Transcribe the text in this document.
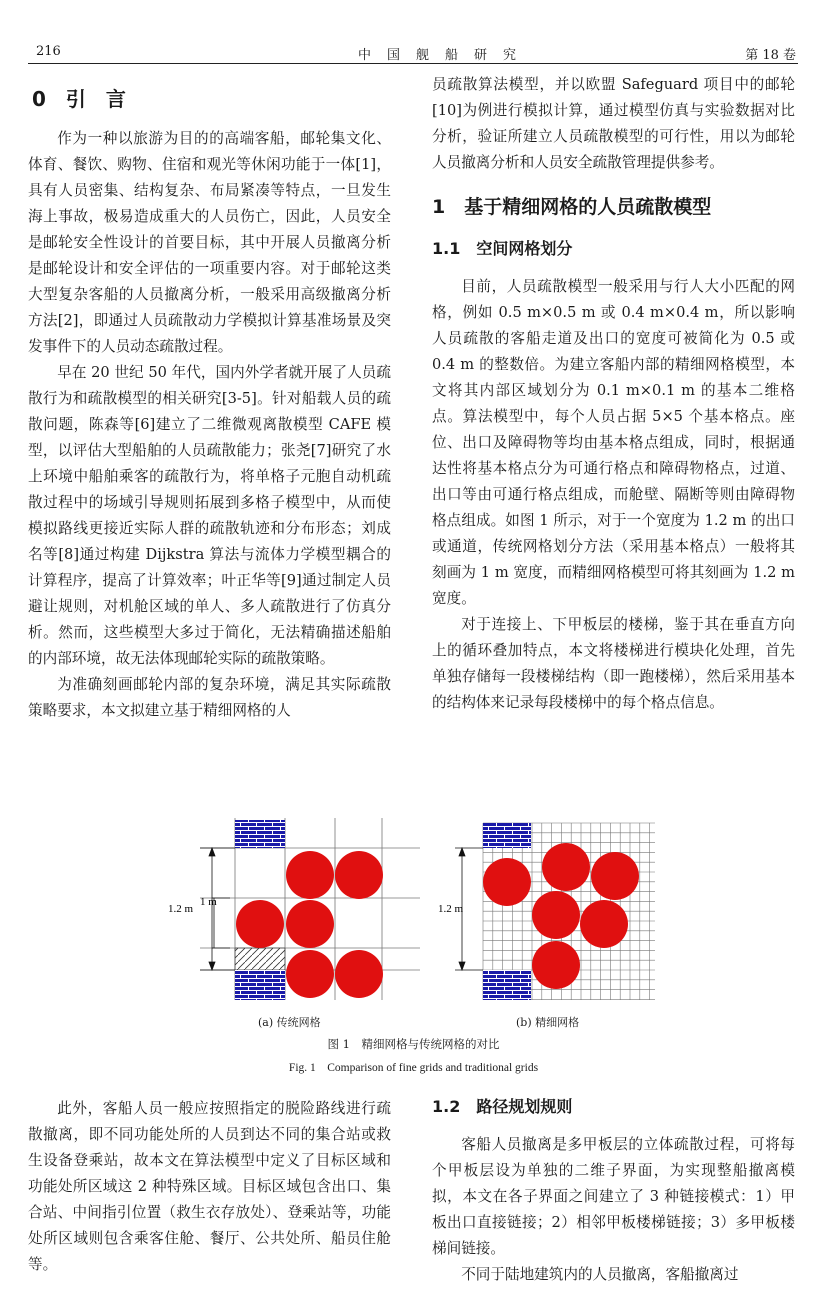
216	中国舰船研究	第 18 卷
0　引　言

作为一种以旅游为目的的高端客船，邮轮集文化、体育、餐饮、购物、住宿和观光等休闲功能于一体[1]，具有人员密集、结构复杂、布局紧凑等特点，一旦发生海上事故，极易造成重大的人员伤亡，因此，人员安全是邮轮安全性设计的首要目标，其中开展人员撤离分析是邮轮设计和安全评估的一项重要内容。对于邮轮这类大型复杂客船的人员撤离分析，一般采用高级撤离分析方法[2]，即通过人员疏散动力学模拟计算基准场景及突发事件下的人员动态疏散过程。

早在 20 世纪 50 年代，国内外学者就开展了人员疏散行为和疏散模型的相关研究[3-5]。针对船载人员的疏散问题，陈森等[6]建立了二维微观离散模型 CAFE 模型，以评估大型船舶的人员疏散能力；张尧[7]研究了水上环境中船舶乘客的疏散行为，将单格子元胞自动机疏散过程中的场域引导规则拓展到多格子模型中，从而使模拟路线更接近实际人群的疏散轨迹和分布形态；刘成名等[8]通过构建 Dijkstra 算法与流体力学模型耦合的计算程序，提高了计算效率；叶正华等[9]通过制定人员避让规则，对机舱区域的单人、多人疏散进行了仿真分析。然而，这些模型大多过于简化，无法精确描述船舶的内部环境，故无法体现邮轮实际的疏散策略。

为准确刻画邮轮内部的复杂环境，满足其实际疏散策略要求，本文拟建立基于精细网格的人

员疏散算法模型，并以欧盟 Safeguard 项目中的邮轮[10]为例进行模拟计算，通过模型仿真与实验数据对比分析，验证所建立人员疏散模型的可行性，用以为邮轮人员撤离分析和人员安全疏散管理提供参考。

1　基于精细网格的人员疏散模型
1.1　空间网格划分

目前，人员疏散模型一般采用与行人大小匹配的网格，例如 0.5 m×0.5 m 或 0.4 m×0.4 m，所以影响人员疏散的客船走道及出口的宽度可被简化为 0.5 或 0.4 m 的整数倍。为建立客船内部的精细网格模型，本文将其内部区域划分为 0.1 m×0.1 m 的基本二维格点。算法模型中，每个人员占据 5×5 个基本格点。座位、出口及障碍物等均由基本格点组成，同时，根据通达性将基本格点分为可通行格点和障碍物格点，过道、出口等由可通行格点组成，而舱壁、隔断等则由障碍物格点组成。如图 1 所示，对于一个宽度为 1.2 m 的出口或通道，传统网格划分方法（采用基本格点）一般将其刻画为 1 m 宽度，而精细网格模型可将其刻画为 1.2 m 宽度。

对于连接上、下甲板层的楼梯，鉴于其在垂直方向上的循环叠加特点，本文将楼梯进行模块化处理，首先单独存储每一段楼梯结构（即一跑楼梯），然后采用基本的结构体来记录每段楼梯中的每个格点信息。

1.2 m
1 m
1.2 m
(a) 传统网格	(b) 精细网格
图 1　精细网格与传统网格的对比
Fig. 1　Comparison of fine grids and traditional grids

此外，客船人员一般应按照指定的脱险路线进行疏散撤离，即不同功能处所的人员到达不同的集合站或救生设备登乘站，故本文在算法模型中定义了目标区域和功能处所区域这 2 种特殊区域。目标区域包含出口、集合站、中间指引位置（救生衣存放处）、登乘站等，功能处所区域则包含乘客住舱、餐厅、公共处所、船员住舱等。

1.2　路径规划规则

客船人员撤离是多甲板层的立体疏散过程，可将每个甲板层设为单独的二维子界面，为实现整船撤离模拟，本文在各子界面之间建立了 3 种链接模式：1）甲板出口直接链接；2）相邻甲板楼梯链接；3）多甲板楼梯间链接。

不同于陆地建筑内的人员撤离，客船撤离过
